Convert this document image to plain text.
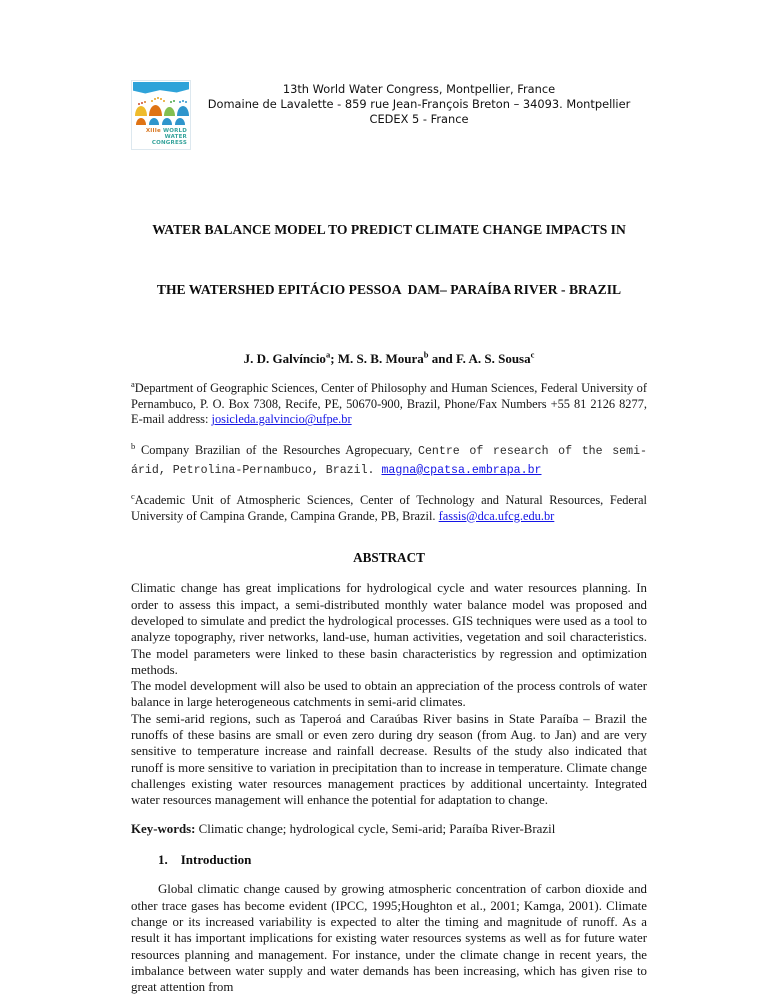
XIIIe WORLD WATER
CONGRESS
13th World Water Congress, Montpellier, France
Domaine de Lavalette - 859 rue Jean-François Breton – 34093. Montpellier
CEDEX 5 - France

WATER BALANCE MODEL TO PREDICT CLIMATE CHANGE IMPACTS IN

THE WATERSHED EPITÁCIO PESSOA  DAM– PARAÍBA RIVER - BRAZIL

J. D. Galvíncio$^a$; M. S. B. Moura$^b$ and F. A. S. Sousa$^c$

$^a$Department of Geographic Sciences, Center of Philosophy and Human Sciences, Federal University of Pernambuco, P. O. Box 7308, Recife, PE, 50670-900, Brazil, Phone/Fax Numbers +55 81 2126 8277, E-mail address: josicleda.galvincio@ufpe.br

$^b$ Company Brazilian of the Resourches Agropecuary, Centre of research of the semi-árid, Petrolina-Pernambuco, Brazil. magna@cpatsa.embrapa.br

$^c$Academic Unit of Atmospheric Sciences, Center of Technology and Natural Resources, Federal University of Campina Grande, Campina Grande, PB, Brazil. fassis@dca.ufcg.edu.br

ABSTRACT

Climatic change has great implications for hydrological cycle and water resources planning. In order to assess this impact, a semi-distributed monthly water balance model was proposed and developed to simulate and predict the hydrological processes. GIS techniques were used as a tool to analyze topography, river networks, land-use, human activities, vegetation and soil characteristics. The model parameters were linked to these basin characteristics by regression and optimization methods.

The model development will also be used to obtain an appreciation of the process controls of water balance in large heterogeneous catchments in semi-arid climates.

The semi-arid regions, such as Taperoá and Caraúbas River basins in State Paraíba – Brazil the runoffs of these basins are small or even zero during dry season (from Aug. to Jan) and are very sensitive to temperature increase and rainfall decrease. Results of the study also indicated that runoff is more sensitive to variation in precipitation than to increase in temperature. Climate change challenges existing water resources management practices by additional uncertainty. Integrated water resources management will enhance the potential for adaptation to change.

Key-words: Climatic change; hydrological cycle, Semi-arid; Paraíba River-Brazil

1. Introduction

Global climatic change caused by growing atmospheric concentration of carbon dioxide and other trace gases has become evident (IPCC, 1995;Houghton et al., 2001; Kamga, 2001). Climate change or its increased variability is expected to alter the timing and magnitude of runoff. As a result it has important implications for existing water resources systems as well as for future water resources planning and management. For instance, under the climate change in recent years, the imbalance between water supply and water demands has been increasing, which has given rise to great attention from
